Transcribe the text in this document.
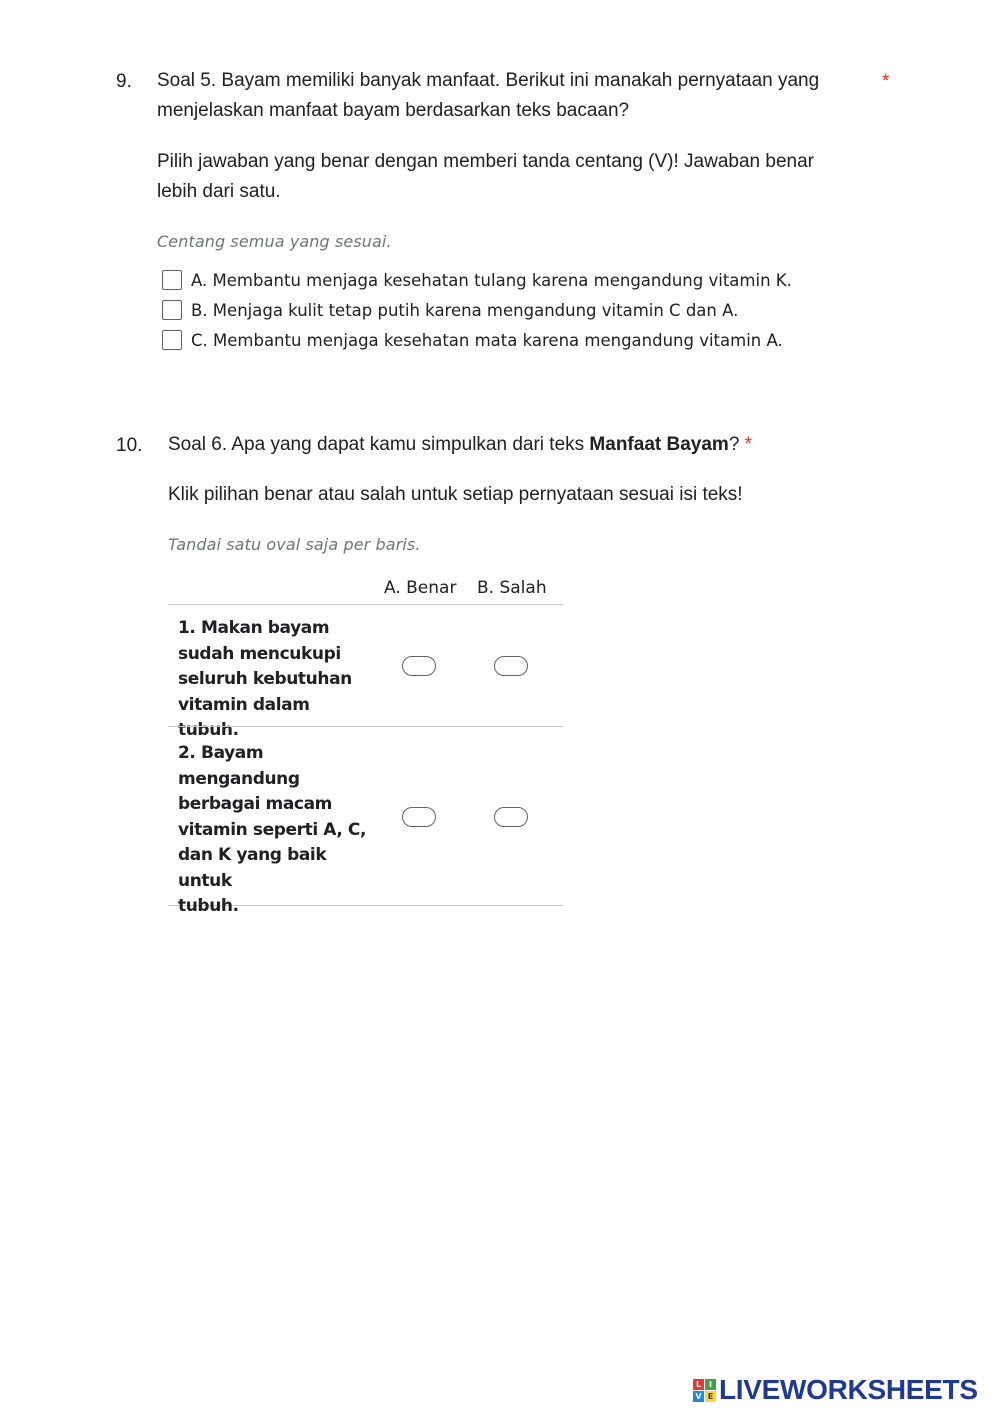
9. Soal 5. Bayam memiliki banyak manfaat. Berikut ini manakah pernyataan yang
menjelaskan manfaat bayam berdasarkan teks bacaan?
*
Pilih jawaban yang benar dengan memberi tanda centang (V)! Jawaban benar
lebih dari satu.
Centang semua yang sesuai.
A. Membantu menjaga kesehatan tulang karena mengandung vitamin K.
B. Menjaga kulit tetap putih karena mengandung vitamin C dan A.
C. Membantu menjaga kesehatan mata karena mengandung vitamin A.
10. Soal 6. Apa yang dapat kamu simpulkan dari teks Manfaat Bayam? *
Klik pilihan benar atau salah untuk setiap pernyataan sesuai isi teks!
Tandai satu oval saja per baris.
A. Benar B. Salah
1. Makan bayam
sudah mencukupi
seluruh kebutuhan
vitamin dalam tubuh.
2. Bayam
mengandung
berbagai macam
vitamin seperti A, C,
dan K yang baik untuk
tubuh.
L I
V E LIVEWORKSHEETS
